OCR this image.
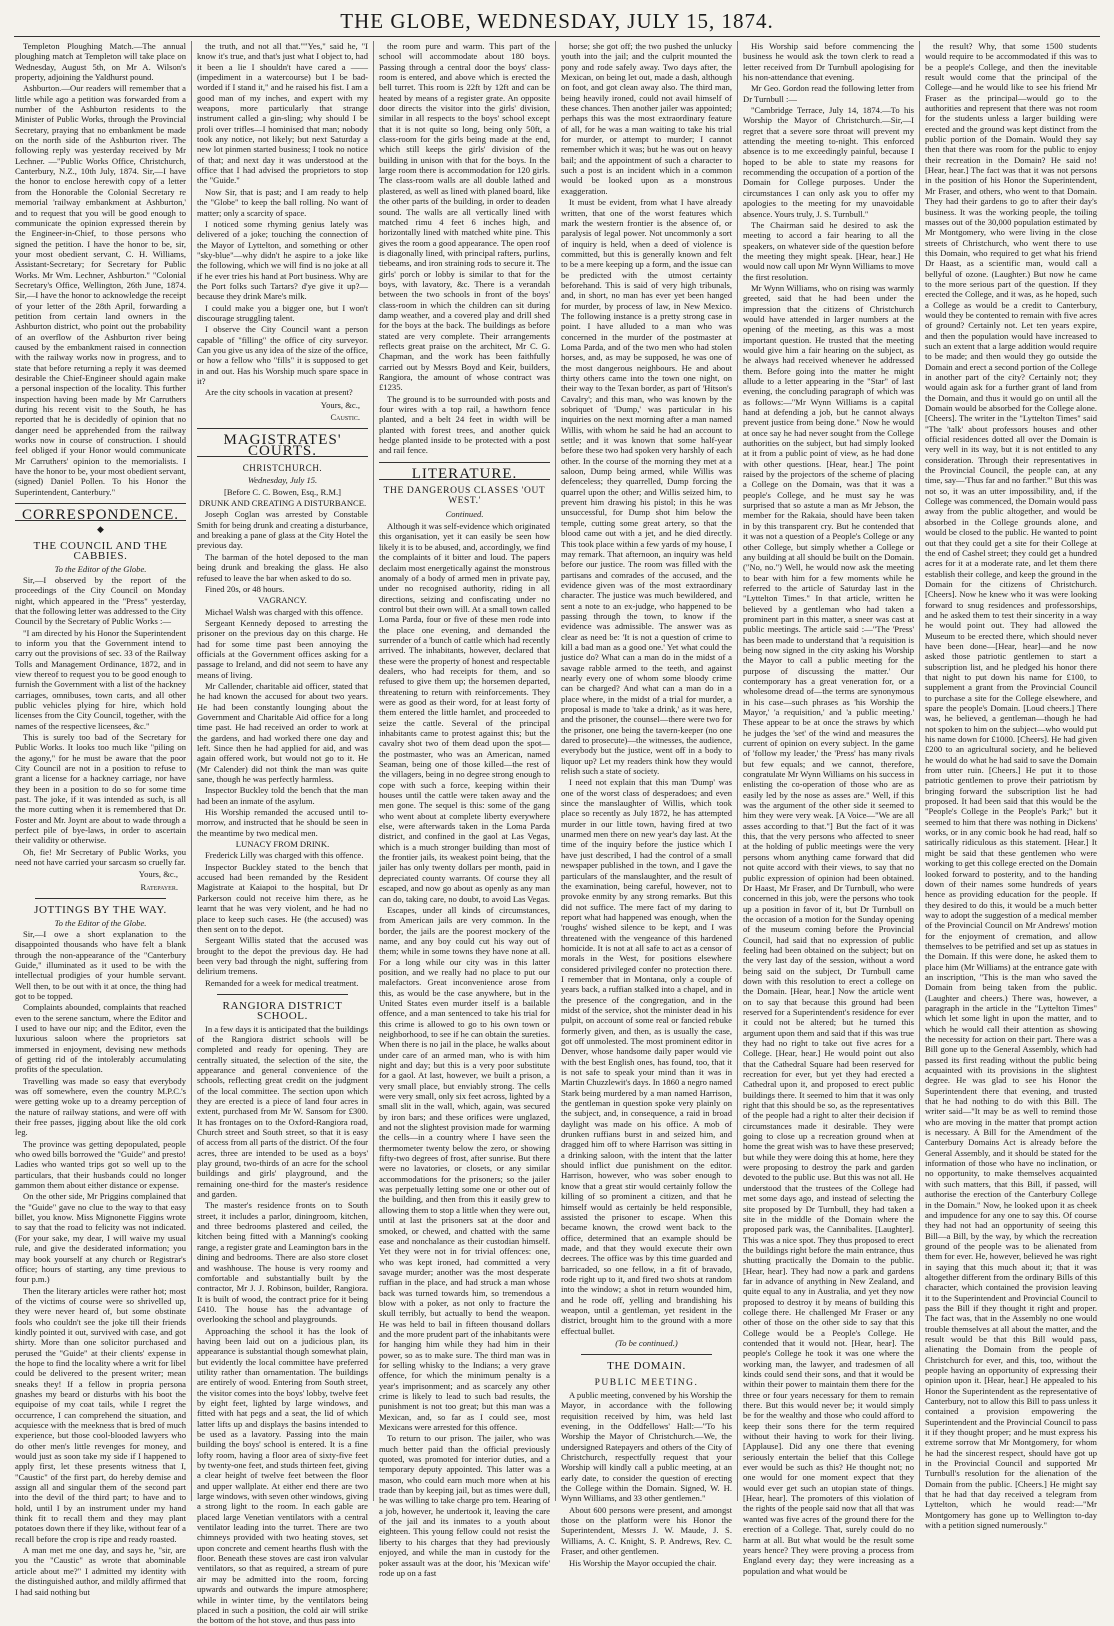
THE GLOBE, WEDNESDAY, JULY 15, 1874.

Templeton Ploughing Match.—The annual ploughing match at Templeton will take place on Wednesday, August 5th, on Mr A. Wilson's property, adjoining the Yaldhurst pound.

Ashburton.—Our readers will remember that a little while ago a petition was forwarded from a number of the Ashburton residents to the Minister of Public Works, through the Provincial Secretary, praying that no embankment be made on the north side of the Ashburton river. The following reply was yesterday received by Mr Lechner. —"Public Works Office, Christchurch, Canterbury, N.Z., 10th July, 1874. Sir,—I have the honor to enclose herewith copy of a letter from the Honorable the Colonial Secretary re memorial 'railway embankment at Ashburton,' and to request that you will be good enough to communicate the opinion expressed therein by the Engineer-in-Chief, to those persons who signed the petition. I have the honor to be, sir, your most obedient servant, C. H. Williams, Assistant-Secretary; for Secretary for Public Works. Mr Wm. Lechner, Ashburton." "Colonial Secretary's Office, Wellington, 26th June, 1874. Sir,—I have the honor to acknowledge the receipt of your letter of the 28th April, forwarding a petition from certain land owners in the Ashburton district, who point out the probability of an overflow of the Ashburton river being caused by the embankment raised in connection with the railway works now in progress, and to state that before returning a reply it was deemed desirable the Chief-Engineer should again make a personal inspection of the locality. This further inspection having been made by Mr Carruthers during his recent visit to the South, he has reported that he is decidedly of opinion that no danger need be apprehended from the railway works now in course of construction. I should feel obliged if your Honor would communicate Mr Carruthers' opinion to the memorialists. I have the honor to be, your most obedient servant, (signed) Daniel Pollen. To his Honor the Superintendent, Canterbury."

CORRESPONDENCE.
◆
THE COUNCIL AND THE CABBIES.
To the Editor of the Globe.

Sir,—I observed by the report of the proceedings of the City Council on Monday night, which appeared in the "Press" yesterday, that the following letter was addressed to the City Council by the Secretary of Public Works :—

"I am directed by his Honor the Superintendent to inform you that the Government intend to carry out the provisions of sec. 33 of the Railway Tolls and Management Ordinance, 1872, and in view thereof to request you to be good enough to furnish the Government with a list of the hackney carriages, omnibuses, town carts, and all other public vehicles plying for hire, which hold licenses from the City Council, together, with the names of the respective licensees, &c."

This is surely too bad of the Secretary for Public Works. It looks too much like "piling on the agony," for he must be aware that the poor City Council are not in a position to refuse to grant a license for a hackney carriage, nor have they been in a position to do so for some time past. The joke, if it was intended as such, is all the more cutting when it is remembered that Dr. Foster and Mr. Joynt are about to wade through a perfect pile of bye-laws, in order to ascertain their validity or otherwise.

Oh, fie! Mr Secretary of Public Works, you need not have carried your sarcasm so cruelly far.

Yours, &c.,
Ratepayer.
JOTTINGS BY THE WAY.
To the Editor of the Globe.

Sir,—I owe a short explanation to the disappointed thousands who have felt a blank through the non-appearance of the "Canterbury Guide," illuminated as it used to be with the intellectual prodigies of your humble servant. Well then, to be out with it at once, the thing had got to be topped.

Complaints abounded, complaints that reached even to the serene sanctum, where the Editor and I used to have our nip; and the Editor, even the luxurious saloon where the proprietors sat immersed in enjoyment, devising new methods of getting rid of the intolerably accumulating profits of the speculation.

Travelling was made so easy that everybody was off somewhere, even the country M.P.C.'s were getting woke up to a dreamy perception of the nature of railway stations, and were off with their free passes, jigging about like the old cork leg.

The province was getting depopulated, people who owed bills borrowed the "Guide" and presto! Ladies who wanted trips got so well up to the particulars, that their husbands could no longer gammon them about either distance or expense.

On the other side, Mr Priggins complained that the "Guide" gave no clue to the way to that easy billet, you know. Miss Mignonette Figgins wrote to say that the road to felicity was not indicated. (For your sake, my dear, I will waive my usual rule, and give the desiderated information; you may book yourself at any church or Registrar's office; hours of starting, any time previous to four p.m.)

Then the literary articles were rather hot; most of the victims of course were so shrivelled up, they were never heard of, but some obstinate fools who couldn't see the joke till their friends kindly pointed it out, survived with case, and got shirty. More than one solicitor purchased and perused the "Guide" at their clients' expense in the hope to find the locality where a writ for libel could be delivered to the present writer; mean sneaks they! If a fellow in propria persona gnashes my beard or disturbs with his boot the equipoise of my coat tails, while I regret the occurrence, I can comprehend the situation, and acquiesce with the meekness that is bred of much experience, but those cool-blooded lawyers who do other men's little revenges for money, and would just as soon take my side if I happened to apply first, let these presents witness that I, "Caustic" of the first part, do hereby demise and assign all and singular them of the second part into the devil of the third part; to have and to hold, until I by an instrument under my hand think fit to recall them and they may plant potatoes down there if they like, without fear of a recall before the crop is ripe and ready roasted.

A man met me one day, and says he, "sir, are you the "Caustic" as wrote that abominable article about me?" I admitted my identity with the distinguished author, and mildly affirmed that I had said nothing but

the truth, and not all that.""Yes," said he, "I know it's true, and that's just what I object to, had it been a lie I shouldn't have cared a ——(impediment in a watercourse) but I be bad-worded if I stand it," and he raised his fist. I am a good man of my inches, and expert with my weapons, more particularly that strange instrument called a gin-sling; why should I be proli over trifles—I hominised that man; nobody took any notice, not likely; but next Saturday a new lot pinmen started business; I took no notice of that; and next day it was understood at the office that I had advised the proprietors to stop the "Guide."

Now Sir, that is past; and I am ready to help the "Globe" to keep the ball rolling. No want of matter; only a scarcity of space.

I noticed some rhyming genius lately was delivered of a joke; touching the connection of the Mayor of Lyttelton, and something or other "sky-blue"—why didn't he aspire to a joke like the following, which we will find is no joke at all if he ever tries his hand at Port business. Why are the Port folks such Tartars? d'ye give it up?—because they drink Mare's milk.

I could make you a bigger one, but I won't discourage struggling talent.

I observe the City Council want a person capable of "filling" the office of city surveyor. Can you give us any idea of the size of the office, or how a fellow who "fills" it is supposed to get in and out. Has his Worship much spare space in it?

Are the city schools in vacation at present?

Yours, &c.,
Caustic.
MAGISTRATES' COURTS.
CHRISTCHURCH.
Wednesday, July 15.
[Before C. C. Bowen, Esq., R.M.]
DRUNK AND CREATING A DISTURBANCE.

Joseph Coglan was arrested by Constable Smith for being drunk and creating a disturbance, and breaking a pane of glass at the City Hotel the previous day.

The barman of the hotel deposed to the man being drunk and breaking the glass. He also refused to leave the bar when asked to do so.

Fined 20s, or 48 hours.

VAGRANCY.

Michael Walsh was charged with this offence.

Sergeant Kennedy deposed to arresting the prisoner on the previous day on this charge. He had for some time past been annoying the officials at the Government offices asking for a passage to Ireland, and did not seem to have any means of living.

Mr Callender, charitable aid officer, stated that he had known the accused for about two years. He had been constantly lounging about the Government and Charitable Aid office for a long time past. He had received an order to work at the gardens, and had worked there one day and left. Since then he had applied for aid, and was again offered work, but would not go to it. He (Mr Calender) did not think the man was quite sane, though he was perfectly harmless.

Inspector Buckley told the bench that the man had been an inmate of the asylum.

His Worship remanded the accused until to-morrow, and instructed that he should be seen in the meantime by two medical men.

LUNACY FROM DRINK.

Frederick Lilly was charged with this offence.

Inspector Buckley stated to the bench that accused had been remanded by the Resident Magistrate at Kaiapoi to the hospital, but Dr Parkerson could not receive him there, as he learnt that he was very violent, and he had no place to keep such cases. He (the accused) was then sent on to the depot.

Sergeant Willis stated that the accused was brought to the depot the previous day. He had been very bad through the night, suffering from delirium tremens.

Remanded for a week for medical treatment.

RANGIORA DISTRICT SCHOOL.

In a few days it is anticipated that the buildings of the Rangiora district schools will be completed and ready for opening. They are centrally situated, the selection of the site, the appearance and general convenience of the schools, reflecting great credit on the judgment of the local committee. The section upon which they are erected is a piece of land four acres in extent, purchased from Mr W. Sansom for £300. It has frontages on to the Oxford-Rangiora road, Church street and South street, so that it is easy of access from all parts of the district. Of the four acres, three are intended to be used as a boys' play ground, two-thirds of an acre for the school buildings and girls' playground, and the remaining one-third for the master's residence and garden.

The master's residence fronts on to South street, it includes a parlor, diningroom, kitchen, and three bedrooms plastered and ceiled, the kitchen being fitted with a Manning's cooking range, a register grate and Leamington bars in the dining and bedrooms. There are also store closet and washhouse. The house is very roomy and comfortable and substantially built by the contractor, Mr J. J. Robinson, builder, Rangiora. It is built of wood, the contract price for it being £410. The house has the advantage of overlooking the school and playgrounds.

Approaching the school it has the look of having been laid out on a judicious plan, its appearance is substantial though somewhat plain, but evidently the local committee have preferred utility rather than ornamentation. The buildings are entirely of wood. Entering from South street, the visitor comes into the boys' lobby, twelve feet by eight feet, lighted by large windows, and fitted with hat pegs and a seat, the lid of which latter lifts up and displays the basins intended to be used as a lavatory. Passing into the main building the boys' school is entered. It is a fine lofty room, having a floor area of sixty-five feet by twenty-one feet, and studs thirteen feet, giving a clear height of twelve feet between the floor and upper wallplate. At either end there are two large windows, with seven other windows, giving a strong light to the room. In each gable are placed large Venetian ventilators with a central ventilator leading into the turret. There are two chimneys provided with two heating stoves, set upon concrete and cement hearths flush with the floor. Beneath these stoves are cast iron valvular ventilators, so that as required, a stream of pure air may be admitted into the room, forcing upwards and outwards the impure atmosphere; while in winter time, by the ventilators being placed in such a position, the cold air will strike the bottom of the hot stove, and thus pass into

the room pure and warm. This part of the school will accommodate about 180 boys. Passing through a central door the boys' class-room is entered, and above which is erected the bell turret. This room is 22ft by 12ft and can be heated by means of a register grate. An opposite door directs the visitor into the girls' division, similar in all respects to the boys' school except that it is not quite so long, being only 50ft, a class-room for the girls being made at the end, which still keeps the girls' division of the building in unison with that for the boys. In the large room there is accommodation for 120 girls. The class-room walls are all double lathed and plastered, as well as lined with planed board, like the other parts of the building, in order to deaden sound. The walls are all vertically lined with matched rimu 4 feet 6 inches high, and horizontally lined with matched white pine. This gives the room a good appearance. The open roof is diagonally lined, with principal rafters, purlins, tiebeams, and iron straining rods to secure it. The girls' porch or lobby is similar to that for the boys, with lavatory, &c. There is a verandah between the two schools in front of the boys' class-room in which the children can sit during damp weather, and a covered play and drill shed for the boys at the back. The buildings as before stated are very complete. Their arrangements reflects great praise on the architect, Mr C. G. Chapman, and the work has been faithfully carried out by Messrs Boyd and Keir, builders, Rangiora, the amount of whose contract was £1235.

The ground is to be surrounded with posts and four wires with a top rail, a hawthorn fence planted, and a belt 24 feet in width will be planted with forest trees, and another quick hedge planted inside to be protected with a post and rail fence.

LITERATURE.
THE DANGEROUS CLASSES 'OUT WEST.'
Continued.

Although it was self-evidence which originated this organisation, yet it can easily be seen how likely it is to be abused, and, accordingly, we find the complaints of it bitter and loud. The papers declaim most energetically against the monstrous anomaly of a body of armed men in private pay, under no recognised authority, riding in all directions, seizing and confiscating under no control but their own will. At a small town called Loma Parda, four or five of these men rode into the place one evening, and demanded the surrender of a 'bunch of cattle which had recently arrived. The inhabitants, however, declared that these were the property of honest and respectable dealers, who had receipts for them, and so refused to give them up; the horsemen departed, threatening to return with reinforcements. They were as good as their word, for at least forty of them entered the little hamlet, and proceeded to seize the cattle. Several of the principal inhabitants came to protest against this; but the cavalry shot two of them dead upon the spot—the postmaster, who was an American, named Seaman, being one of those killed—the rest of the villagers, being in no degree strong enough to cope with such a force, keeping within their houses until the cattle were taken away and the men gone. The sequel is this: some of the gang who went about at complete liberty everywhere else, were afterwards taken in the Loma Parda district, and confined in the gaol at Las Vegas, which is a much stronger building than most of the frontier jails, its weakest point being, that the jailer has only twenty dollars per month, paid in depreciated county warrants. Of course they all escaped, and now go about as openly as any man can do, taking care, no doubt, to avoid Las Vegas.

Escapes, under all kinds of circumstances, from American jails are very common. In the border, the jails are the poorest mockery of the name, and any boy could cut his way out of them; while in some towns they have none at all. For a long while our city was in this latter position, and we really had no place to put our malefactors. Great inconvenience arose from this, as would be the case anywhere, but in the United States even murder itself is a bailable offence, and a man sentenced to take his trial for this crime is allowed to go to his own town or neighborhood, to see if he can obtain the sureties. When there is no jail in the place, he walks about under care of an armed man, who is with him night and day; but this is a very poor substitute for a gaol. At last, however, we built a prison, a very small place, but enviably strong. The cells were very small, only six feet across, lighted by a small slit in the wall, which, again, was secured by iron bars; and these orifices were unglazed, and not the slightest provision made for warming the cells—in a country where I have seen the thermometer twenty below the zero, or showing fifty-two degrees of frost, after sunrise. But there were no lavatories, or closets, or any similar accommodations for the prisoners; so the jailer was perpetually letting some one or other out of the building, and then from this it easily grew to allowing them to stop a little when they were out, until at last the prisoners sat at the door and smoked, or chewed, and chatted with the same ease and nonchalance as their custodian himself. Yet they were not in for trivial offences: one, who was kept ironed, had committed a very savage murder; another was the most desperate ruffian in the place, and had struck a man whose back was turned towards him, so tremendous a blow with a poker, as not only to fracture the skull terribly, but actually to bend the weapon. He was held to bail in fifteen thousand dollars and the more prudent part of the inhabitants were for hanging him while they had him in their power, so as to make sure. The third man was in for selling whisky to the Indians; a very grave offence, for which the minimum penalty is a year's imprisonment; and as scarcely any other crime is likely to lead to such bad results, the punishment is not too great; but this man was a Mexican, and, so far as I could see, most Mexicans were arrested for this offence.

To return to our prison. The jailer, who was much better paid than the official previously quoted, was promoted for interior duties, and a temporary deputy appointed. This latter was a mason, who could earn much more when at his trade than by keeping jail, but as times were dull, he was willing to take charge pro tem. Hearing of a job, however, he undertook it, leaving the care of the jail and its inmates to a youth about eighteen. This young fellow could not resist the liberty to his charges that they had previously enjoyed, and while the man in custody for the poker assault was at the door, his 'Mexican wife' rode up on a fast

horse; she got off; the two pushed the unlucky youth into the jail; and the culprit mounted the pony and rode safely away. Two days after, the Mexican, on being let out, made a dash, although on foot, and got clean away also. The third man, being heavily ironed, could not avail himself of these chances. Then another jailer was appointed; perhaps this was the most extraordinary feature of all, for he was a man waiting to take his trial for murder, or attempt to murder; I cannot remember which it was; but he was out on heavy bail; and the appointment of such a character to such a post is an incident which in a common would be looked upon as a monstrous exaggeration.

It must be evident, from what I have already written, that one of the worst features which mark the western frontier is the absence of, or paralysis of legal power. Not uncommonly a sort of inquiry is held, when a deed of violence is committed, but this is generally known and felt to be a mere keeping up a form, and the issue can be predicted with the utmost certainty beforehand. This is said of very high tribunals, and, in short, no man has ever yet been hanged for murder, by process of law, in New Mexico. The following instance is a pretty strong case in point. I have alluded to a man who was concerned in the murder of the postmaster at Loma Parda, and of the two men who had stolen horses, and, as may be supposed, he was one of the most dangerous neighbours. He and about thirty others came into the town one night, on their way to the Texan border, as part of 'Hitson's Cavalry'; and this man, who was known by the sobriquet of 'Dump,' was particular in his inquiries on the next morning after a man named Willis, with whom he said he had an account to settle; and it was known that some half-year before these two had spoken very harshly of each other. In the course of the morning they met at a saloon, Dump being armed, while Willis was defenceless; they quarrelled, Dump forcing the quarrel upon the other; and Willis seized him, to prevent him drawing his pistol; in this he was unsuccessful, for Dump shot him below the temple, cutting some great artery, so that the blood came out with a jet, and he died directly. This took place within a few yards of my house, I may remark. That afternoon, an inquiry was held before our justice. The room was filled with the partisans and comrades of the accused, and the evidence given was of the most extraordinary character. The justice was much bewildered, and sent a note to an ex-judge, who happened to be passing through the town, to know if the evidence was admissible. The answer was as clear as need be: 'It is not a question of crime to kill a bad man as a good one.' Yet what could the justice do? What can a man do in the midst of a savage rabble armed to the teeth, and against nearly every one of whom some bloody crime can be charged? And what can a man do in a place where, in the midst of a trial for murder, a proposal is made to 'take a drink,' as it was here, and the prisoner, the counsel—there were two for the prisoner, one being the tavern-keeper (no one dared to prosecute)—the witnesses, the audience, everybody but the justice, went off in a body to liquor up? Let my readers think how they would relish such a state of society.

I need not explain that this man 'Dump' was one of the worst class of desperadoes; and even since the manslaughter of Willis, which took place so recently as July 1872, he has attempted murder in our little town, having fired at two unarmed men there on new year's day last. At the time of the inquiry before the justice which I have just described, I had the control of a small newspaper published in the town, and I gave the particulars of the manslaughter, and the result of the examination, being careful, however, not to provoke enmity by any strong remarks. But this did not suffice. The mere fact of my daring to report what had happened was enough, when the 'roughs' wished silence to be kept, and I was threatened with the vengeance of this hardened homicide. It is not at all safe to act as a censor of morals in the West, for positions elsewhere considered privileged confer no protection there. I remember that in Montana, only a couple of years back, a ruffian stalked into a chapel, and in the presence of the congregation, and in the midst of the service, shot the minister dead in his pulpit, on account of some real or fancied rebuke formerly given, and then, as is usually the case, got off unmolested. The most prominent editor in Denver, whose handsome daily paper would vie with the best English ones, has found, too, that it is not safe to speak your mind than it was in Martin Chuzzlewit's days. In 1860 a negro named Stark being murdered by a man named Harrison, the gentleman in question spoke very plainly on the subject, and, in consequence, a raid in broad daylight was made on his office. A mob of drunken ruffians burst in and seized him, and dragged him off to where Harrison was sitting in a drinking saloon, with the intent that the latter should inflict due punishment on the editor. Harrison, however, who was sober enough to know that a great stir would certainly follow the killing of so prominent a citizen, and that he himself would as certainly be held responsible, assisted the prisoner to escape. When this became known, the crowd went back to the office, determined that an example should be made, and that they would execute their own decrees. The office was by this time guarded and barricaded, so one fellow, in a fit of bravado, rode right up to it, and fired two shots at random into the window; a shot in return wounded him, and he rode off, yelling and brandishing his weapon, until a gentleman, yet resident in the district, brought him to the ground with a more effectual bullet.

(To be continued.)
THE DOMAIN.
PUBLIC MEETING.

A public meeting, convened by his Worship the Mayor, in accordance with the following requisition received by him, was held last evening, in the Oddfellows' Hall:—"To his Worship the Mayor of Christchurch.—We, the undersigned Ratepayers and others of the City of Christchurch, respectfully request that your Worship will kindly call a public meeting, at an early date, to consider the question of erecting the College within the Domain. Signed, W. H. Wynn Williams, and 33 other gentlemen."

About 600 persons were present, and amongst those on the platform were his Honor the Superintendent, Messrs J. W. Maude, J. S. Williams, A. C. Knight, S. P. Andrews, Rev. C. Fraser, and other gentlemen.

His Worship the Mayor occupied the chair.

His Worship said before commencing the business he would ask the town clerk to read a letter received from Dr Turnbull apologising for his non-attendance that evening.

Mr Geo. Gordon read the following letter from Dr Turnbull :—

"Cambridge Terrace, July 14, 1874.—To his Worship the Mayor of Christchurch.—Sir,—I regret that a severe sore throat will prevent my attending the meeting to-night. This enforced absence is to me exceedingly painful, because I hoped to be able to state my reasons for recommending the occupation of a portion of the Domain for College purposes. Under the circumstances I can only ask you to offer my apologies to the meeting for my unavoidable absence. Yours truly, J. S. Turnbull."

The Chairman said he desired to ask the meeting to accord a fair hearing to all the speakers, on whatever side of the question before the meeting they might speak. [Hear, hear.] He would now call upon Mr Wynn Williams to move the first resolution.

Mr Wynn Williams, who on rising was warmly greeted, said that he had been under the impression that the citizens of Christchurch would have attended in larger numbers at the opening of the meeting, as this was a most important question. He trusted that the meeting would give him a fair hearing on the subject, as he always had received whenever he addressed them. Before going into the matter he might allude to a letter appearing in the "Star" of last evening, the concluding paragraph of which was as follows:—"Mr Wynn Williams is a capital hand at defending a job, but he cannot always prevent justice from being done." Now he would at once say he had never sought from the College authorities on the subject, but had simply looked at it from a public point of view, as he had done with other questions. [Hear, hear.] The point raised by the projectors of the scheme of placing a College on the Domain, was that it was a people's College, and he must say he was surprised that so astute a man as Mr Jebson, the member for the Rakaia, should have been taken in by this transparent cry. But he contended that it was not a question of a People's College or any other College, but simply whether a College or any building at all should be built on the Domain. ("No, no.") Well, he would now ask the meeting to bear with him for a few moments while he referred to the article of Saturday last in the "Lyttelton Times." In that article, written he believed by a gentleman who had taken a prominent part in this matter, a sneer was cast at public meetings. The article said :—"The 'Press' has been made to understand that 'a requisition is being now signed in the city asking his Worship the Mayor to call a public meeting for the purpose of discussing the matter.' Our contemporary has a great veneration for, or a wholesome dread of—the terms are synonymous in his case—such phrases as 'his Worship the Mayor,' 'a requisition,' and 'a public meeting.' These appear to be at once the straws by which he judges the 'set' of the wind and measures the current of opinion on every subject. In the game of 'follow my leader,' the 'Press' has many rivals but few equals; and we cannot, therefore, congratulate Mr Wynn Williams on his success in enlisting the co-operation of those who are as easily led by the nose as asses are." Well, if this was the argument of the other side it seemed to him they were very weak. [A Voice—"We are all asses according to that."] But the fact of it was this, that the very persons who affected to sneer at the holding of public meetings were the very persons whom anything came forward that did not quite accord with their views, to say that no public expression of opinion had been obtained. Dr Haast, Mr Fraser, and Dr Turnbull, who were concerned in this job, were the persons who took up a position in favor of it, but Dr Turnbull on the occasion of a motion for the Sunday opening of the museum coming before the Provincial Council, had said that no expression of public feeling had been obtained on the subject; but on the very last day of the session, without a word being said on the subject, Dr Turnbull came down with this resolution to erect a college on the Domain. [Hear, hear.] Now the article went on to say that because this ground had been reserved for a Superintendent's residence for ever it could not be altered; but he turned this argument upon them and said that if this was true they had no right to take out five acres for a College. [Hear, hear.] He would point out also that the Cathedral Square had been reserved for recreation for ever, but yet they had erected a Cathedral upon it, and proposed to erect public buildings there. It seemed to him that it was only right that this should be so, as the representatives of the people had a right to alter their decision if circumstances made it desirable. They were going to close up a recreation ground when at home the great wish was to have these preserved; but while they were doing this at home, here they were proposing to destroy the park and garden devoted to the public use. But this was not all. He understood that the trustees of the College had met some days ago, and instead of selecting the site proposed by Dr Turnbull, they had taken a site in the middle of the Domain where the proposed park was, the Cannibalites. [Laughter]. This was a nice spot. They thus proposed to erect the buildings right before the main entrance, thus shutting practically the Domain to the public. [Hear, hear]. They had now a park and gardens far in advance of anything in New Zealand, and quite equal to any in Australia, and yet they now proposed to destroy it by means of building this college there. He challenged Mr Fraser or any other of those on the other side to say that this College would be a People's College. He contended that it would not. [Hear, hear]. The people's College he took it was one where the working man, the lawyer, and tradesmen of all kinds could send their sons, and that it would be within their power to maintain them there for the three or four years necessary for them to remain there. But this would never be; it would simply be for the wealthy and those who could afford to keep their sons there for the term required without their having to work for their living. [Applause]. Did any one there that evening seriously entertain the belief that this College ever would be such as this? He thought not; no one would for one moment expect that they would ever get such an utopian state of things. [Hear, hear]. The promoters of this violation of the rights of the people said now that all that was wanted was five acres of the ground there for the erection of a College. That, surely could do no harm at all. But what would be the result some years hence? They were proving a process from England every day; they were increasing as a population and what would be

the result? Why, that some 1500 students would require to be accommodated if this was to be a people's College, and then the inevitable result would come that the principal of the College—and he would like to see his friend Mr Fraser as the principal—would go to the authorities and represent that there was not room for the students unless a larger building were erected and the ground was kept distinct from the public portion of the Domain. Would they say then that there was room for the public to enjoy their recreation in the Domain? He said no! [Hear, hear.] The fact was that it was not persons in the position of his Honor the Superintendent, Mr Fraser, and others, who went to that Domain. They had their gardens to go to after their day's business. It was the working people, the toiling masses out of the 30,000 population estimated by Mr Montgomery, who were living in the close streets of Christchurch, who went there to use this Domain, who required to get what his friend Dr Haast, as a scientific man, would call a bellyful of ozone. (Laughter.) But now he came to the more serious part of the question. If they erected the College, and it was, as he hoped, such a College as would be a credit to Canterbury, would they be contented to remain with five acres of ground? Certainly not. Let ten years expire, and then the population would have increased to such an extent that a large addition would require to be made; and then would they go outside the Domain and erect a second portion of the College in another part of the city? Certainly not; they would again ask for a further grant of land from the Domain, and thus it would go on until all the Domain would be absorbed for the College alone. [Cheers]. The writer in the "Lyttelton Times" said "The 'talk' about professors houses and other official residences dotted all over the Domain is very well in its way, but it is not entitled to any consideration. Through their representatives in the Provincial Council, the people can, at any time, say—'Thus far and no farther.'" But this was not so, it was an utter impossibility, and, if the College was commenced, the Domain would pass away from the public altogether, and would be absorbed in the College grounds alone, and would be closed to the public. He wanted to point out that they could get a site for their College at the end of Cashel street; they could get a hundred acres for it at a moderate rate, and let them there establish their college, and keep the ground in the Domain for the citizens of Christchurch. [Cheers]. Now he knew who it was were looking forward to snug residences and professorships, and he asked them to test their sincerity in a way he would point out. They had allowed the Museum to be erected there, which should never have been done—[Hear, hear]—and he now asked those patriotic gentlemen to start a subscription list, and he pledged his honor there that night to put down his name for £100, to supplement a grant from the Provincial Council to purchase a site for the College elsewhere, and spare the people's Domain. [Loud cheers.] There was, he believed, a gentleman—though he had not spoken to him on the subject—who would put his name down for £1000. [Cheers]. He had given £200 to an agricultural society, and he believed he would do what he had said to save the Domain from utter ruin. [Cheers.] He put it to those patriotic gentlemen to prove their patriotism by bringing forward the subscription list he had proposed. It had been said that this would be the "People's College in the People's Park;" but it seemed to him that there was nothing in Dickens' works, or in any comic book he had read, half so satirically ridiculous as this statement. [Hear.] It might be said that these gentlemen who were working to get this college erected on the Domain looked forward to posterity, and to the handing down of their names some hundreds of years hence as providing education for the people. If they desired to do this, it would be a much better way to adopt the suggestion of a medical member of the Provincial Council on Mr Andrews' motion for the enjoyment of cremation, and allow themselves to be petrified and set up as statues in the Domain. If this were done, he asked them to place him (Mr Williams) at the entrance gate with an inscription, "This is the man who saved the Domain from being taken from the public. (Laughter and cheers.) There was, however, a paragraph in the article in the "Lyttelton Times" which let some light in upon the matter, and to which he would call their attention as showing the necessity for action on their part. There was a Bill gone up to the General Assembly, which had passed its first reading without the public being acquainted with its provisions in the slightest degree. He was glad to see his Honor the Superintendent there that evening, and trusted that he had nothing to do with this Bill. The writer said—"It may be as well to remind those who are moving in the matter that prompt action is necessary. A Bill for the Amendment of the Canterbury Domains Act is already before the General Assembly, and it should be stated for the information of those who have no inclination, or no opportunity, to make themselves acquainted with such matters, that this Bill, if passed, will authorise the erection of the Canterbury College in the Domain." Now, he looked upon it as cheek and impudence for any one to say this. Of course they had not had an opportunity of seeing this Bill—a Bill, by the way, by which the recreation ground of the people was to be alienated from them for ever. He, however, believed he was right in saying that this much about it; that it was altogether different from the ordinary Bills of this character, which contained the provision leaving it to the Superintendent and Provincial Council to pass the Bill if they thought it right and proper. The fact was, that in the Assembly no one would trouble themselves at all about the matter, and the result would be that this Bill would pass, alienating the Domain from the people of Christchurch for ever, and this, too, without the people having an opportunity of expressing their opinion upon it. [Hear, hear.] He appealed to his Honor the Superintendent as the representative of Canterbury, not to allow this Bill to pass unless it contained a provision empowering the Superintendent and the Provincial Council to pass it if they thought proper; and he must express his extreme sorrow that Mr Montgomery, for whom he had the sincerest respect, should have got up in the Provincial Council and supported Mr Turnbull's resolution for the alienation of the Domain from the public. [Cheers.] He might say that he had that day received a telegram from Lyttelton, which he would read:—"Mr Montgomery has gone up to Wellington to-day with a petition signed numerously."
